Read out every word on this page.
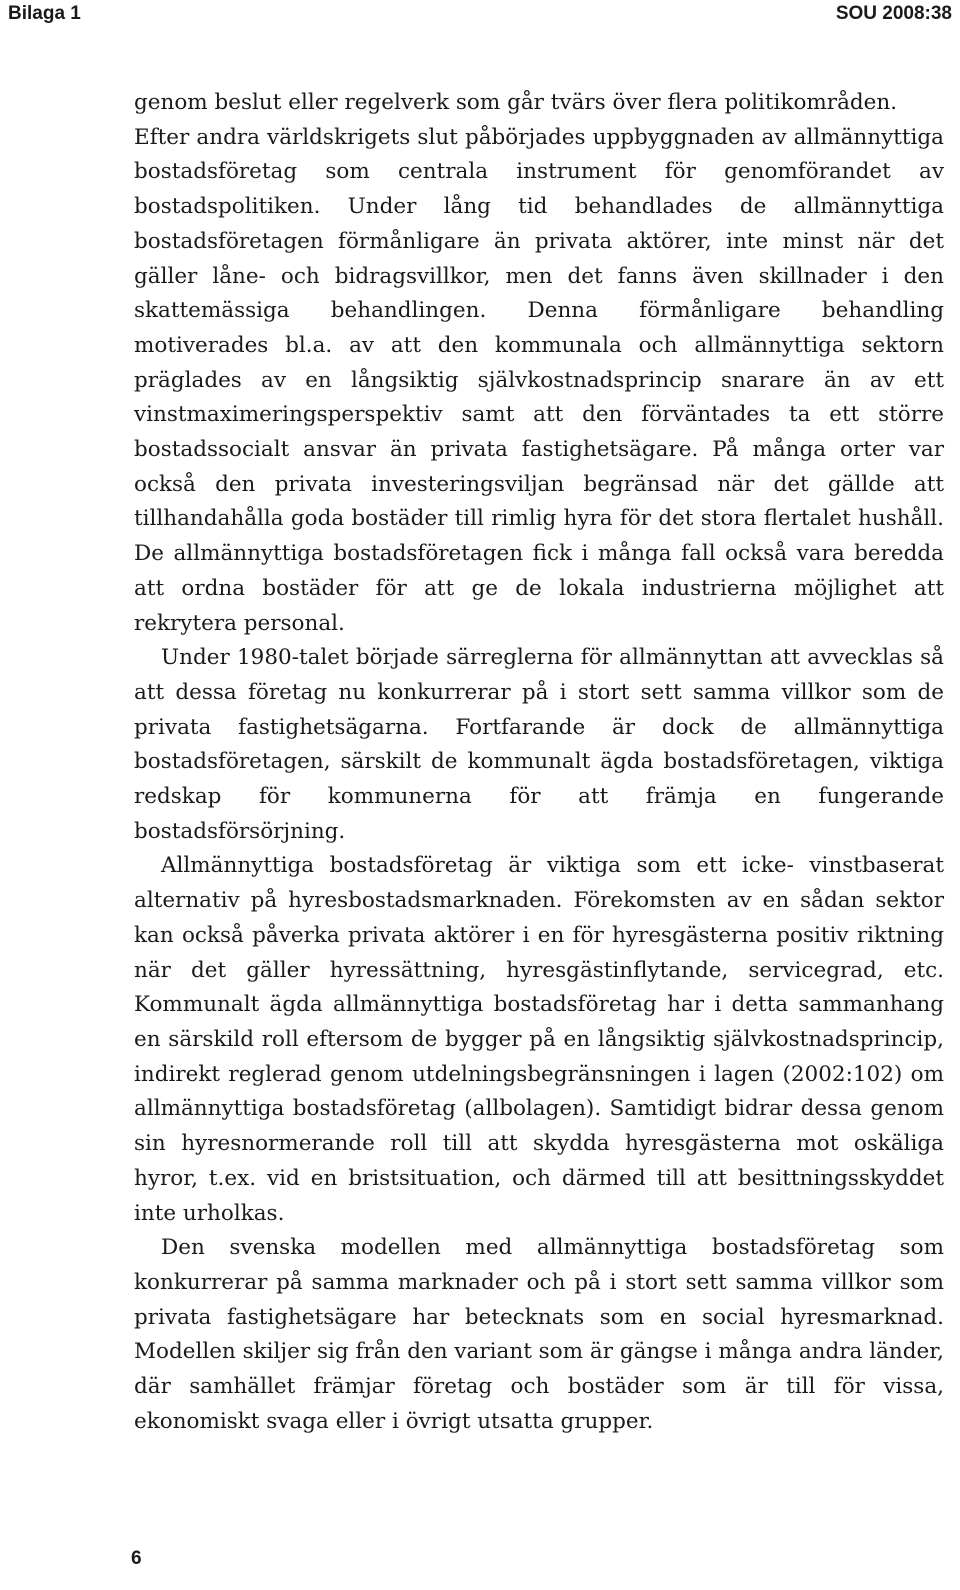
Bilaga 1	SOU 2008:38

genom beslut eller regelverk som går tvärs över flera politikområden.

Efter andra världskrigets slut påbörjades uppbyggnaden av allmännyttiga bostadsföretag som centrala instrument för genomförandet av bostadspolitiken. Under lång tid behandlades de allmännyttiga bostadsföretagen förmånligare än privata aktörer, inte minst när det gäller låne- och bidragsvillkor, men det fanns även skillnader i den skattemässiga behandlingen. Denna förmånligare behandling motiverades bl.a. av att den kommunala och allmännyttiga sektorn präglades av en långsiktig självkostnadsprincip snarare än av ett vinstmaximeringsperspektiv samt att den förväntades ta ett större bostadssocialt ansvar än privata fastighetsägare. På många orter var också den privata investeringsviljan begränsad när det gällde att tillhandahålla goda bostäder till rimlig hyra för det stora flertalet hushåll. De allmännyttiga bostadsföretagen fick i många fall också vara beredda att ordna bostäder för att ge de lokala industrierna möjlighet att rekrytera personal.

Under 1980-talet började särreglerna för allmännyttan att avvecklas så att dessa företag nu konkurrerar på i stort sett samma villkor som de privata fastighetsägarna. Fortfarande är dock de allmännyttiga bostadsföretagen, särskilt de kommunalt ägda bostadsföretagen, viktiga redskap för kommunerna för att främja en fungerande bostadsförsörjning.

Allmännyttiga bostadsföretag är viktiga som ett icke- vinstbaserat alternativ på hyresbostadsmarknaden. Förekomsten av en sådan sektor kan också påverka privata aktörer i en för hyresgästerna positiv riktning när det gäller hyressättning, hyresgästinflytande, servicegrad, etc. Kommunalt ägda allmännyttiga bostadsföretag har i detta sammanhang en särskild roll eftersom de bygger på en långsiktig självkostnadsprincip, indirekt reglerad genom utdelningsbegränsningen i lagen (2002:102) om allmännyttiga bostadsföretag (allbolagen). Samtidigt bidrar dessa genom sin hyresnormerande roll till att skydda hyresgästerna mot oskäliga hyror, t.ex. vid en bristsituation, och därmed till att besittningsskyddet inte urholkas.

Den svenska modellen med allmännyttiga bostadsföretag som konkurrerar på samma marknader och på i stort sett samma villkor som privata fastighetsägare har betecknats som en social hyresmarknad. Modellen skiljer sig från den variant som är gängse i många andra länder, där samhället främjar företag och bostäder som är till för vissa, ekonomiskt svaga eller i övrigt utsatta grupper.

6
